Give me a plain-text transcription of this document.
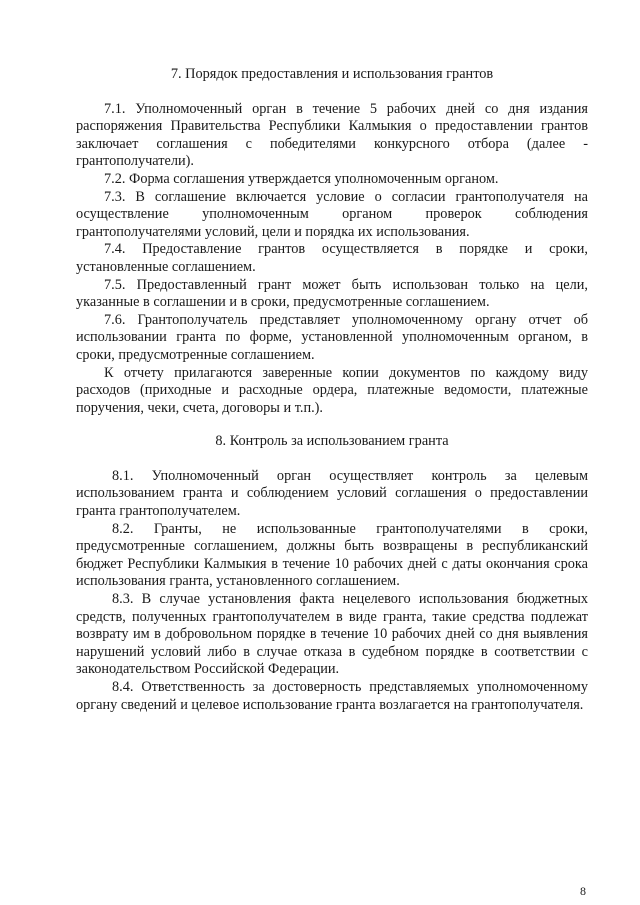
7. Порядок предоставления и использования грантов

7.1. Уполномоченный орган в течение 5 рабочих дней со дня издания распоряжения Правительства Республики Калмыкия о предоставлении грантов заключает соглашения с победителями конкурсного отбора (далее - грантополучатели).

7.2. Форма соглашения утверждается уполномоченным органом.

7.3. В соглашение включается условие о согласии грантополучателя на осуществление уполномоченным органом проверок соблюдения грантополучателями условий, цели и порядка их использования.

7.4. Предоставление грантов осуществляется в порядке и сроки, установленные соглашением.

7.5. Предоставленный грант может быть использован только на цели, указанные в соглашении и в сроки, предусмотренные соглашением.

7.6. Грантополучатель представляет уполномоченному органу отчет об использовании гранта по форме, установленной уполномоченным органом, в сроки, предусмотренные соглашением.

К отчету прилагаются заверенные копии документов по каждому виду расходов (приходные и расходные ордера, платежные ведомости, платежные поручения, чеки, счета, договоры и т.п.).

8. Контроль за использованием гранта

8.1. Уполномоченный орган осуществляет контроль за целевым использованием гранта и соблюдением условий соглашения о предоставлении гранта грантополучателем.

8.2. Гранты, не использованные грантополучателями в сроки, предусмотренные соглашением, должны быть возвращены в республиканский бюджет Республики Калмыкия в течение 10 рабочих дней с даты окончания срока использования гранта, установленного соглашением.

8.3. В случае установления факта нецелевого использования бюджетных средств, полученных грантополучателем в виде гранта, такие средства подлежат возврату им в добровольном порядке в течение 10 рабочих дней со дня выявления нарушений условий либо в случае отказа в судебном порядке в соответствии с законодательством Российской Федерации.

8.4. Ответственность за достоверность представляемых уполномоченному органу сведений и целевое использование гранта возлагается на грантополучателя.

8
